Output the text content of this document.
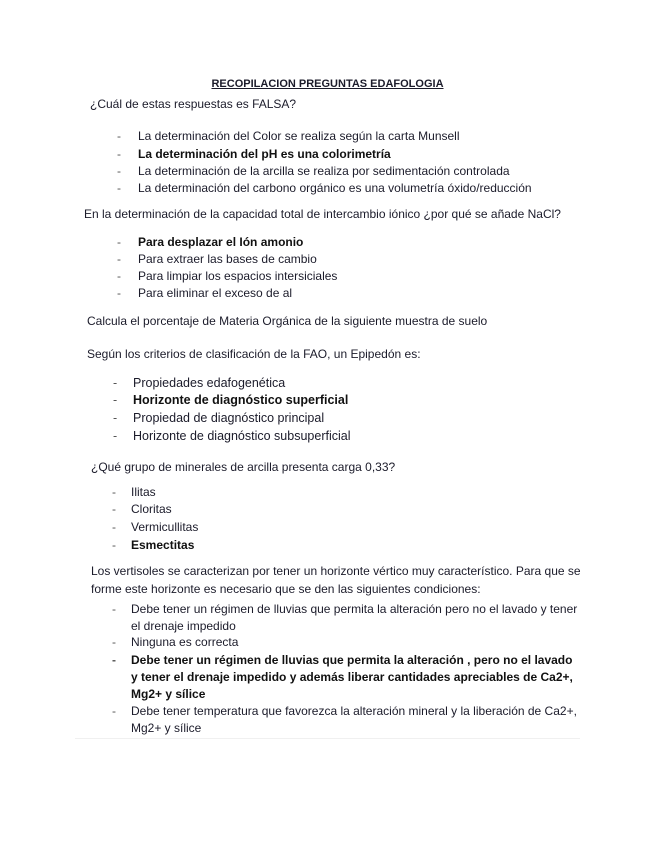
RECOPILACION PREGUNTAS EDAFOLOGIA
¿Cuál de estas respuestas es FALSA?
- La determinación del Color se realiza según la carta Munsell
- La determinación del pH es una colorimetría
- La determinación de la arcilla se realiza por sedimentación controlada
- La determinación del carbono orgánico es una volumetría óxido/reducción
En la determinación de la capacidad total de intercambio iónico ¿por qué se añade NaCl?
- Para desplazar el Ión amonio
- Para extraer las bases de cambio
- Para limpiar los espacios intersiciales
- Para eliminar el exceso de al
Calcula el porcentaje de Materia Orgánica de la siguiente muestra de suelo
Según los criterios de clasificación de la FAO, un Epipedón es:
- Propiedades edafogenética
- Horizonte de diagnóstico superficial
- Propiedad de diagnóstico principal
- Horizonte de diagnóstico subsuperficial
¿Qué grupo de minerales de arcilla presenta carga 0,33?
- Ilitas
- Cloritas
- Vermicullitas
- Esmectitas
Los vertisoles se caracterizan por tener un horizonte vértico muy característico. Para que se forme este horizonte es necesario que se den las siguientes condiciones:
- Debe tener un régimen de lluvias que permita la alteración pero no el lavado y tener el drenaje impedido
- Ninguna es correcta
- Debe tener un régimen de lluvias que permita la alteración , pero no el lavado y tener el drenaje impedido y además liberar cantidades apreciables de Ca2+, Mg2+ y sílice
- Debe tener temperatura que favorezca la alteración mineral y la liberación de Ca2+, Mg2+ y sílice
